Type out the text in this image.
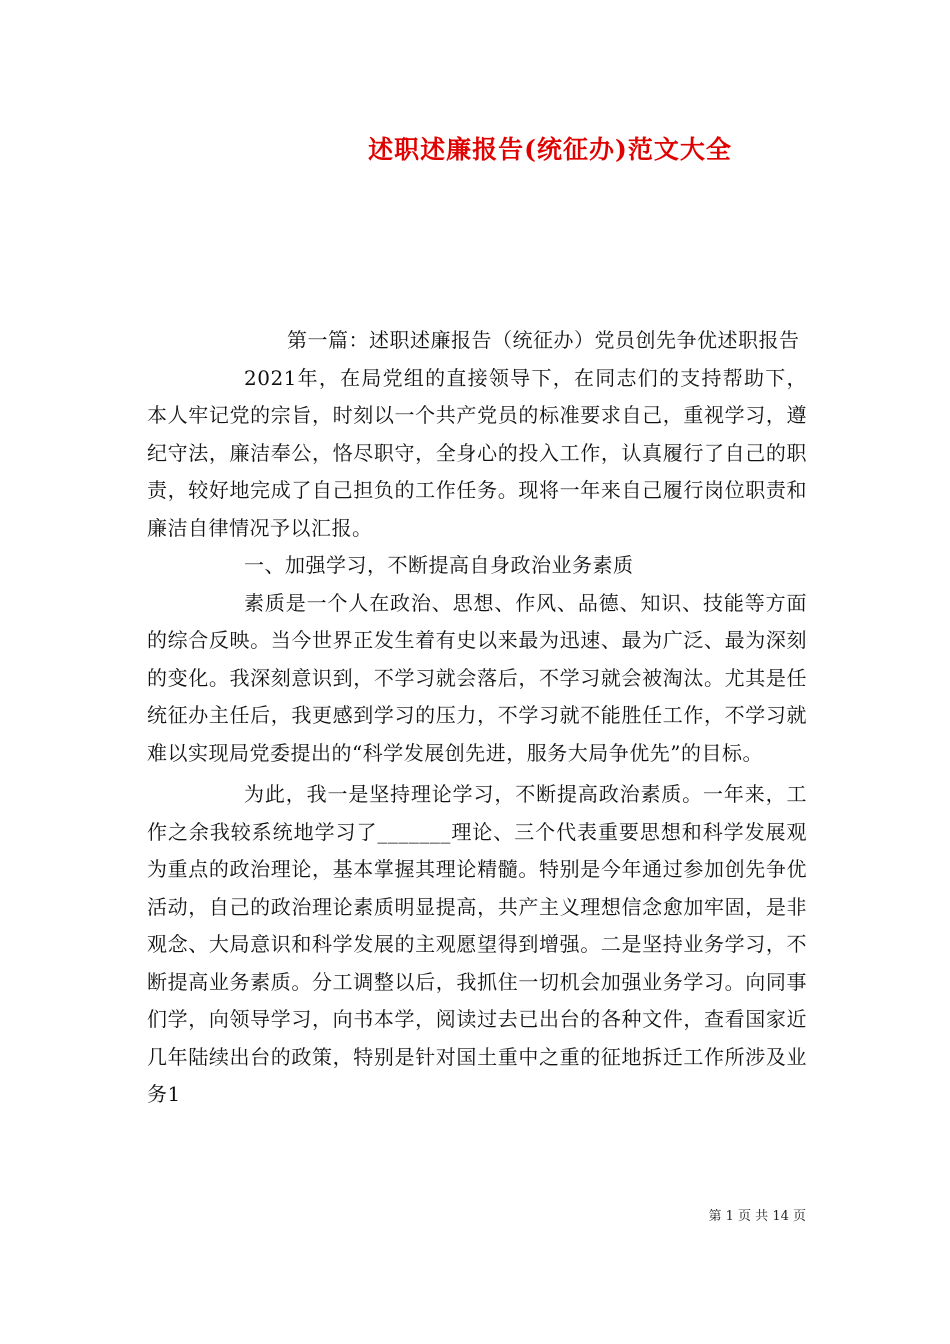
述职述廉报告(统征办)范文大全

第一篇：述职述廉报告（统征办）党员创先争优述职报告

2021年，在局党组的直接领导下，在同志们的支持帮助下，本人牢记党的宗旨，时刻以一个共产党员的标准要求自己，重视学习，遵纪守法，廉洁奉公，恪尽职守，全身心的投入工作，认真履行了自己的职责，较好地完成了自己担负的工作任务。现将一年来自己履行岗位职责和廉洁自律情况予以汇报。

一、加强学习，不断提高自身政治业务素质

素质是一个人在政治、思想、作风、品德、知识、技能等方面的综合反映。当今世界正发生着有史以来最为迅速、最为广泛、最为深刻的变化。我深刻意识到，不学习就会落后，不学习就会被淘汰。尤其是任统征办主任后，我更感到学习的压力，不学习就不能胜任工作，不学习就难以实现局党委提出的“科学发展创先进，服务大局争优先”的目标。

为此，我一是坚持理论学习，不断提高政治素质。一年来，工作之余我较系统地学习了_______理论、三个代表重要思想和科学发展观为重点的政治理论，基本掌握其理论精髓。特别是今年通过参加创先争优活动，自己的政治理论素质明显提高，共产主义理想信念愈加牢固，是非观念、大局意识和科学发展的主观愿望得到增强。二是坚持业务学习，不断提高业务素质。分工调整以后，我抓住一切机会加强业务学习。向同事们学，向领导学习，向书本学，阅读过去已出台的各种文件，查看国家近几年陆续出台的政策，特别是针对国土重中之重的征地拆迁工作所涉及业务1

第 1 页 共 14 页
